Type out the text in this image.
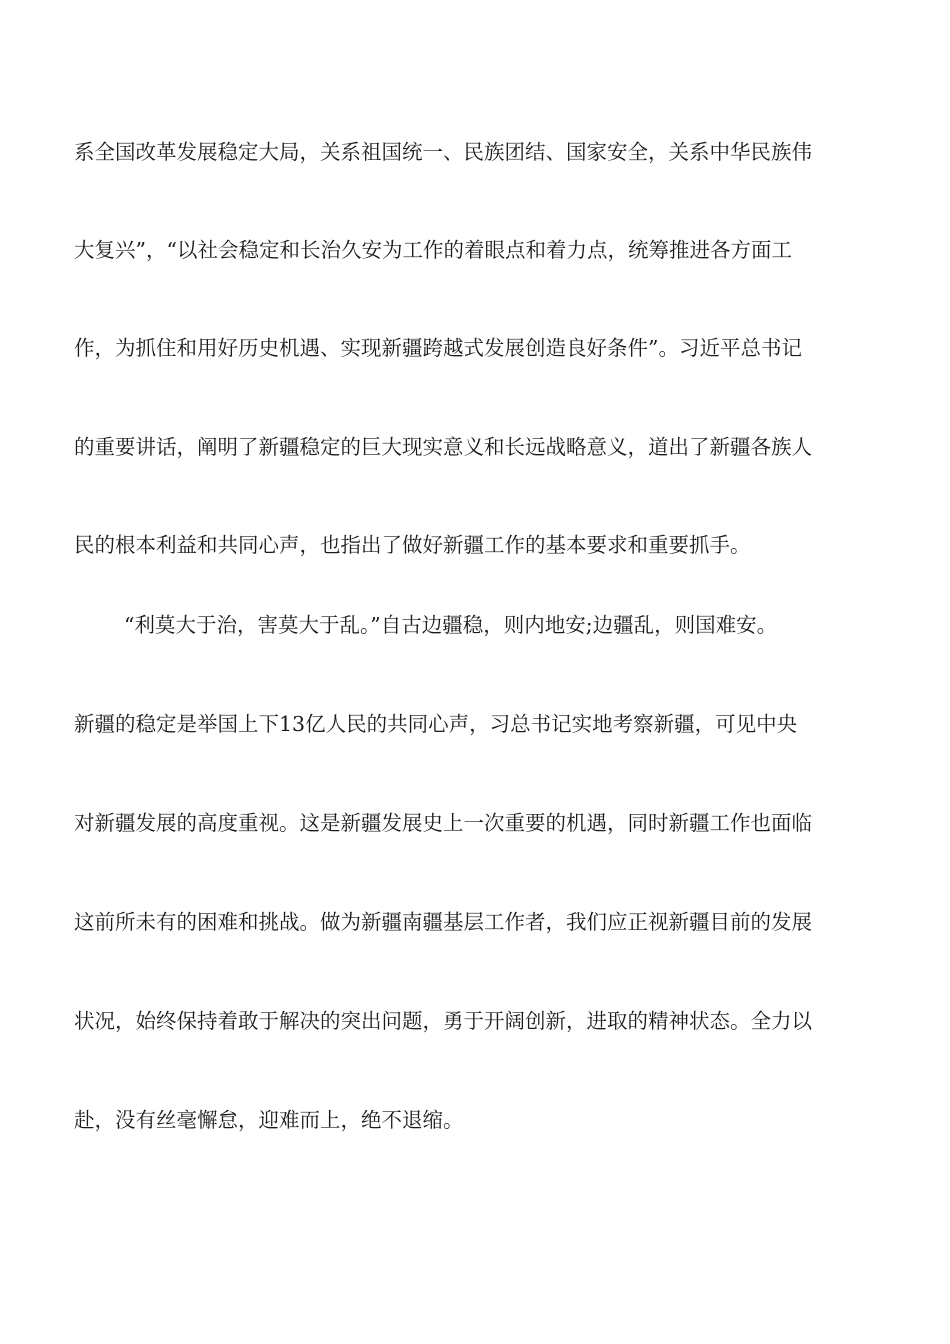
系全国改革发展稳定大局，关系祖国统一、民族团结、国家安全，关系中华民族伟
大复兴”，“以社会稳定和长治久安为工作的着眼点和着力点，统筹推进各方面工
作，为抓住和用好历史机遇、实现新疆跨越式发展创造良好条件”。习近平总书记
的重要讲话，阐明了新疆稳定的巨大现实意义和长远战略意义，道出了新疆各族人
民的根本利益和共同心声，也指出了做好新疆工作的基本要求和重要抓手。
“利莫大于治，害莫大于乱。”自古边疆稳，则内地安;边疆乱，则国难安。
新疆的稳定是举国上下13亿人民的共同心声，习总书记实地考察新疆，可见中央
对新疆发展的高度重视。这是新疆发展史上一次重要的机遇，同时新疆工作也面临
这前所未有的困难和挑战。做为新疆南疆基层工作者，我们应正视新疆目前的发展
状况，始终保持着敢于解决的突出问题，勇于开阔创新，进取的精神状态。全力以
赴，没有丝毫懈怠，迎难而上，绝不退缩。
